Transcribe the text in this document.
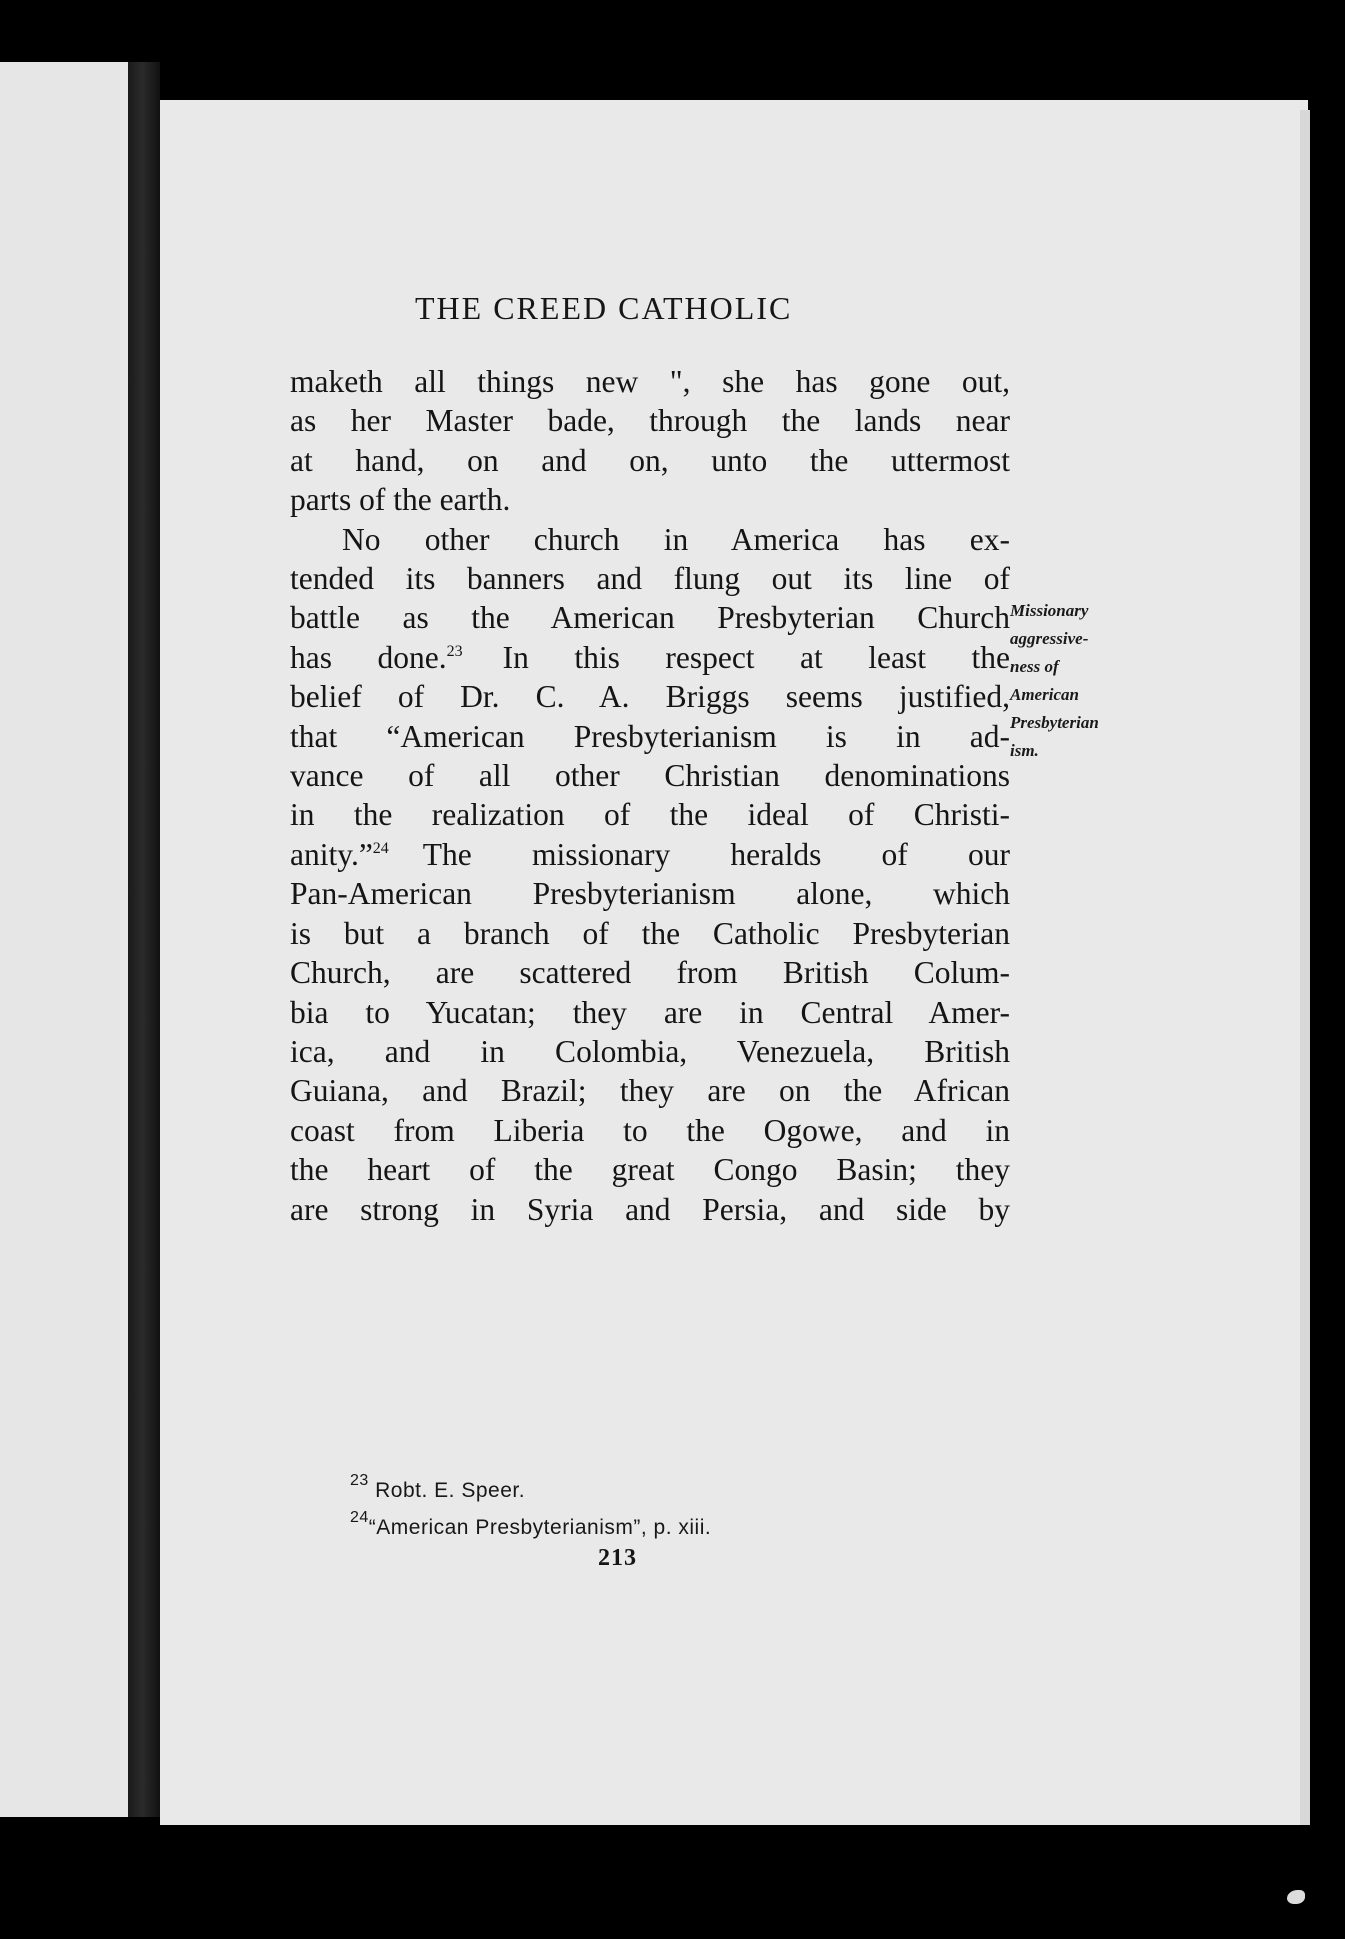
THE CREED CATHOLIC
maketh all things new ", she has gone out,
as her Master bade, through the lands near
at hand, on and on, unto the uttermost
parts of the earth.
No other church in America has ex-
tended its banners and flung out its line of
battle as the American Presbyterian Church
has done.$^{23}$ In this respect at least the
belief of Dr. C. A. Briggs seems justified,
that “American Presbyterianism is in ad-
vance of all other Christian denominations
in the realization of the ideal of Christi-
anity.”$^{24}$ The missionary heralds of our
Pan-American Presbyterianism alone, which
is but a branch of the Catholic Presbyterian
Church, are scattered from British Colum-
bia to Yucatan; they are in Central Amer-
ica, and in Colombia, Venezuela, British
Guiana, and Brazil; they are on the African
coast from Liberia to the Ogowe, and in
the heart of the great Congo Basin; they
are strong in Syria and Persia, and side by
Missionary
aggressive-
ness of
American
Presbyterian
ism.
$^{23}$ Robt. E. Speer.
$^{24}$“American Presbyterianism”, p. xiii.
213
